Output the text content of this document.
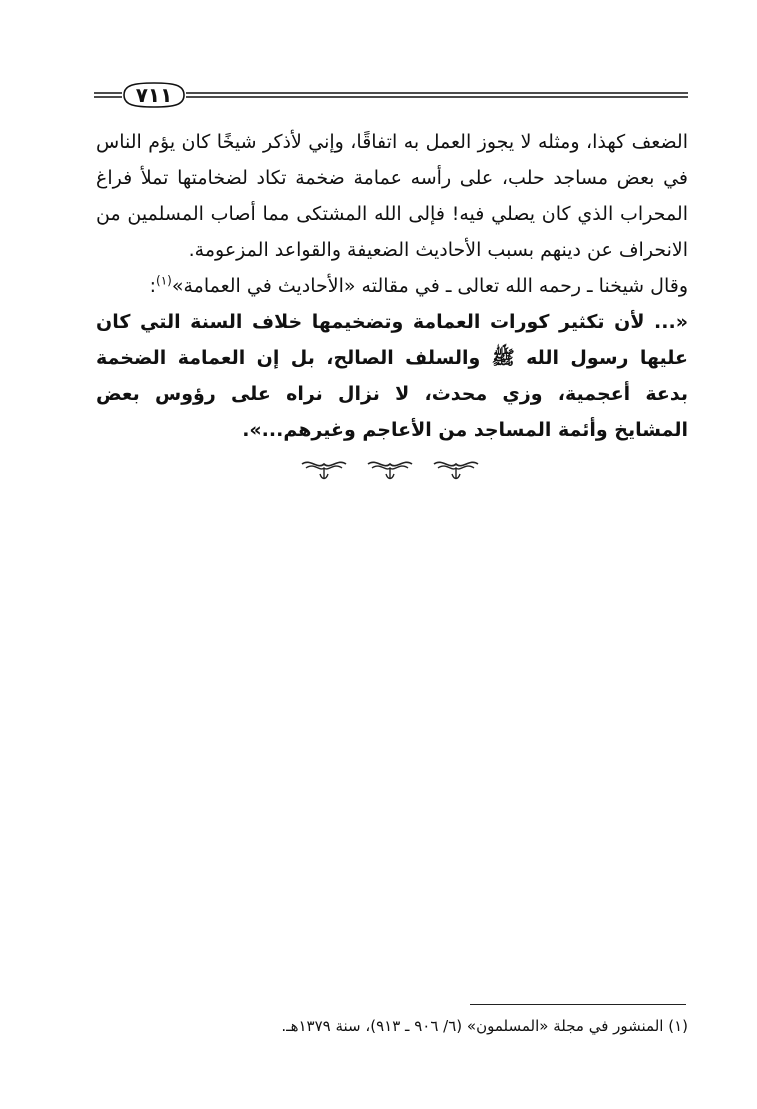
٧١١

الضعف كهذا، ومثله لا يجوز العمل به اتفاقًا، وإني لأذكر شيخًا كان يؤم الناس في بعض مساجد حلب، على رأسه عمامة ضخمة تكاد لضخامتها تملأ فراغ المحراب الذي كان يصلي فيه! فإلى الله المشتكى مما أصاب المسلمين من الانحراف عن دينهم بسبب الأحاديث الضعيفة والقواعد المزعومة.

وقال شيخنا ـ رحمه الله تعالى ـ في مقالته «الأحاديث في العمامة»$^{(١)}$:

«... لأن تكثير كورات العمامة وتضخيمها خلاف السنة التي كان عليها رسول الله ﷺ والسلف الصالح، بل إن العمامة الضخمة بدعة أعجمية، وزي محدث، لا نزال نراه على رؤوس بعض المشايخ وأئمة المساجد من الأعاجم وغيرهم...».

(١) المنشور في مجلة «المسلمون» (٦/ ٩٠٦ ـ ٩١٣)، سنة ١٣٧٩هـ.
